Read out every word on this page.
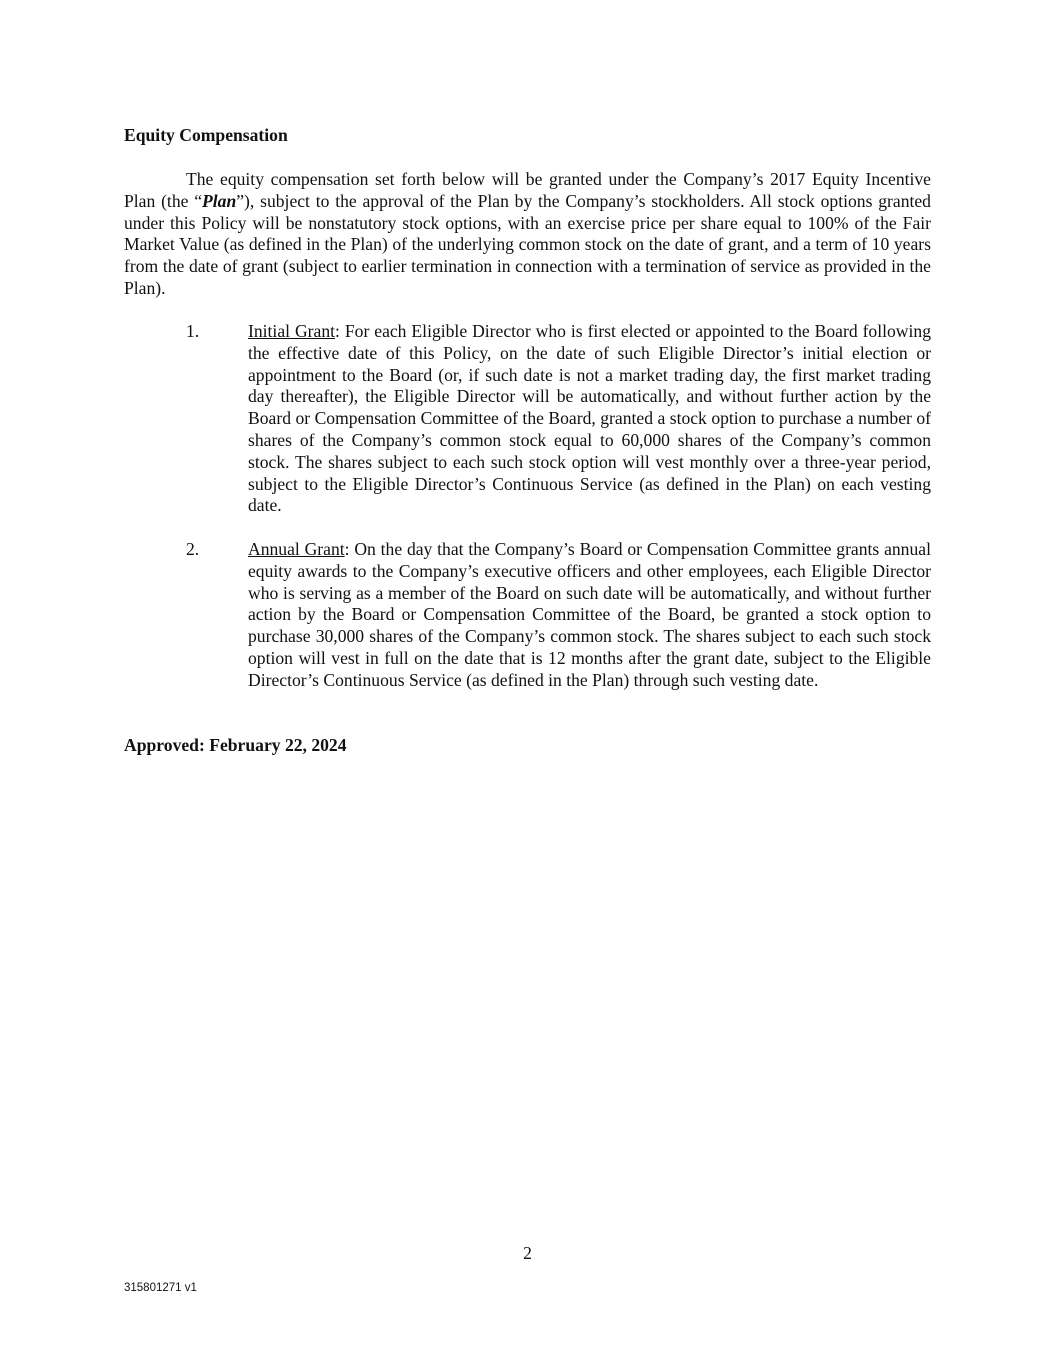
Equity Compensation

The equity compensation set forth below will be granted under the Company’s 2017 Equity Incentive Plan (the “Plan”), subject to the approval of the Plan by the Company’s stockholders. All stock options granted under this Policy will be nonstatutory stock options, with an exercise price per share equal to 100% of the Fair Market Value (as defined in the Plan) of the underlying common stock on the date of grant, and a term of 10 years from the date of grant (subject to earlier termination in connection with a termination of service as provided in the Plan).

1.	Initial Grant: For each Eligible Director who is first elected or appointed to the Board following the effective date of this Policy, on the date of such Eligible Director’s initial election or appointment to the Board (or, if such date is not a market trading day, the first market trading day thereafter), the Eligible Director will be automatically, and without further action by the Board or Compensation Committee of the Board, granted a stock option to purchase a number of shares of the Company’s common stock equal to 60,000 shares of the Company’s common stock. The shares subject to each such stock option will vest monthly over a three-year period, subject to the Eligible Director’s Continuous Service (as defined in the Plan) on each vesting date.

2.	Annual Grant: On the day that the Company’s Board or Compensation Committee grants annual equity awards to the Company’s executive officers and other employees, each Eligible Director who is serving as a member of the Board on such date will be automatically, and without further action by the Board or Compensation Committee of the Board, be granted a stock option to purchase 30,000 shares of the Company’s common stock. The shares subject to each such stock option will vest in full on the date that is 12 months after the grant date, subject to the Eligible Director’s Continuous Service (as defined in the Plan) through such vesting date.

Approved: February 22, 2024

2

315801271 v1
